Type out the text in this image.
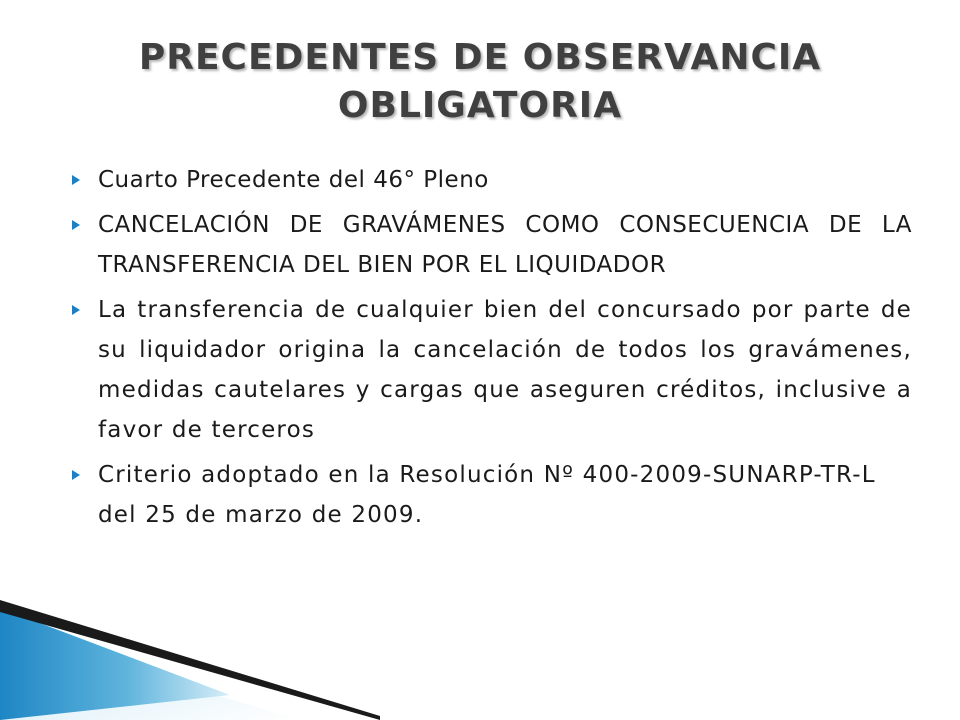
PRECEDENTES DE OBSERVANCIA OBLIGATORIA
Cuarto Precedente del 46° Pleno
CANCELACIÓN DE GRAVÁMENES COMO CONSECUENCIA DE LA TRANSFERENCIA DEL BIEN POR EL LIQUIDADOR
La transferencia de cualquier bien del concursado por parte de su liquidador origina la cancelación de todos los gravámenes, medidas cautelares y cargas que aseguren créditos, inclusive a favor de terceros
Criterio adoptado en la Resolución Nº 400-2009-SUNARP-TR-L del 25 de marzo de 2009.
